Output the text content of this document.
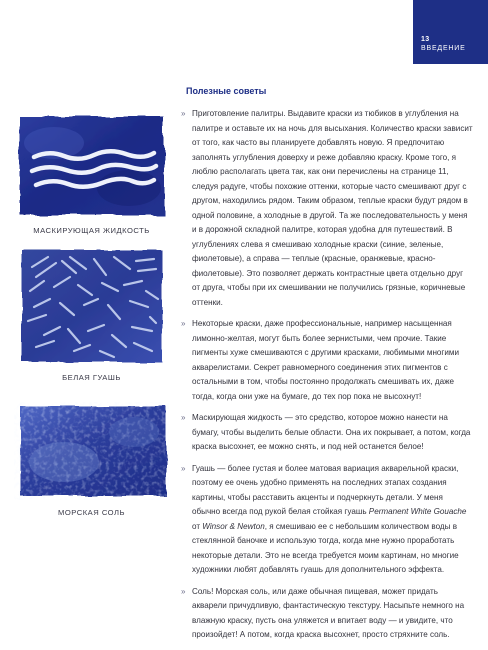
13
ВВЕДЕНИЕ
МАСКИРУЮЩАЯ ЖИДКОСТЬ
БЕЛАЯ ГУАШЬ
МОРСКАЯ СОЛЬ
Полезные советы
» Приготовление палитры. Выдавите краски из тюбиков в углубления на палитре и оставьте их на ночь для высыхания. Количество краски зависит от того, как часто вы планируете добавлять новую. Я предпочитаю заполнять углубления доверху и реже добавляю краску. Кроме того, я люблю располагать цвета так, как они перечислены на странице 11, следуя радуге, чтобы похожие оттенки, которые часто смешивают друг с другом, находились рядом. Таким образом, теплые краски будут рядом в одной половине, а холодные в другой. Та же последовательность у меня и в дорожной складной палитре, которая удобна для путешествий. В углублениях слева я смешиваю холодные краски (синие, зеленые, фиолетовые), а справа — теплые (красные, оранжевые, красно-фиолетовые). Это позволяет держать контрастные цвета отдельно друг от друга, чтобы при их смешивании не получились грязные, коричневые оттенки.
» Некоторые краски, даже профессиональные, например насыщенная лимонно-желтая, могут быть более зернистыми, чем прочие. Такие пигменты хуже смешиваются с другими красками, любимыми многими акварелистами. Секрет равномерного соединения этих пигментов с остальными в том, чтобы постоянно продолжать смешивать их, даже тогда, когда они уже на бумаге, до тех пор пока не высохнут!
» Маскирующая жидкость — это средство, которое можно нанести на бумагу, чтобы выделить белые области. Она их покрывает, а потом, когда краска высохнет, ее можно снять, и под ней останется белое!
» Гуашь — более густая и более матовая вариация акварельной краски, поэтому ее очень удобно применять на последних этапах создания картины, чтобы расставить акценты и подчеркнуть детали. У меня обычно всегда под рукой белая стойкая гуашь Permanent White Gouache от Winsor & Newton, я смешиваю ее с небольшим количеством воды в стеклянной баночке и использую тогда, когда мне нужно проработать некоторые детали. Это не всегда требуется моим картинам, но многие художники любят добавлять гуашь для дополнительного эффекта.
» Соль! Морская соль, или даже обычная пищевая, может придать акварели причудливую, фантастическую текстуру. Насыпьте немного на влажную краску, пусть она уляжется и впитает воду — и увидите, что произойдет! А потом, когда краска высохнет, просто стряхните соль.
